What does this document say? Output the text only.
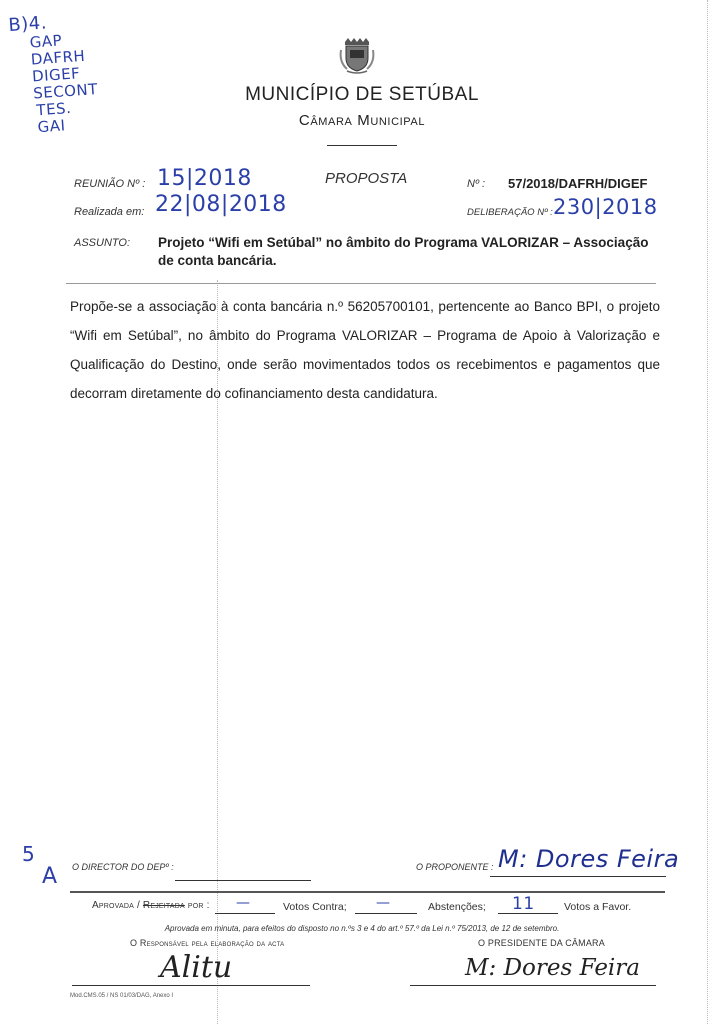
B)4.
GAP
DAFRH
DIGEF
SECONT
TES.
GAI
MUNICÍPIO DE SETÚBAL
Câmara Municipal
REUNIÃO Nº : 15|2018
Realizada em: 22|08|2018
PROPOSTA	Nº : 57/2018/DAFRH/DIGEF
DELIBERAÇÃO Nº : 230|2018
ASSUNTO: Projeto “Wifi em Setúbal” no âmbito do Programa VALORIZAR – Associação de conta bancária.
Propõe-se a associação à conta bancária n.º 56205700101, pertencente ao Banco BPI, o projeto “Wifi em Setúbal”, no âmbito do Programa VALORIZAR – Programa de Apoio à Valorização e Qualificação do Destino, onde serão movimentados todos os recebimentos e pagamentos que decorram diretamente do cofinanciamento desta candidatura.
5
A O DIRECTOR DO DEPº :	O PROPONENTE : M: Dores Feira
Aprovada / Rejeitada por : —	Votos Contra; —	Abstenções; 11	Votos a Favor.
Aprovada em minuta, para efeitos do disposto no n.ºs 3 e 4 do art.º 57.º da Lei n.º 75/2013, de 12 de setembro.
O Responsável pela elaboração da acta
Alitu
O PRESIDENTE DA CÂMARA
M: Dores Feira
Mod.CMS.05 / NS 01/03/DAG, Anexo I
